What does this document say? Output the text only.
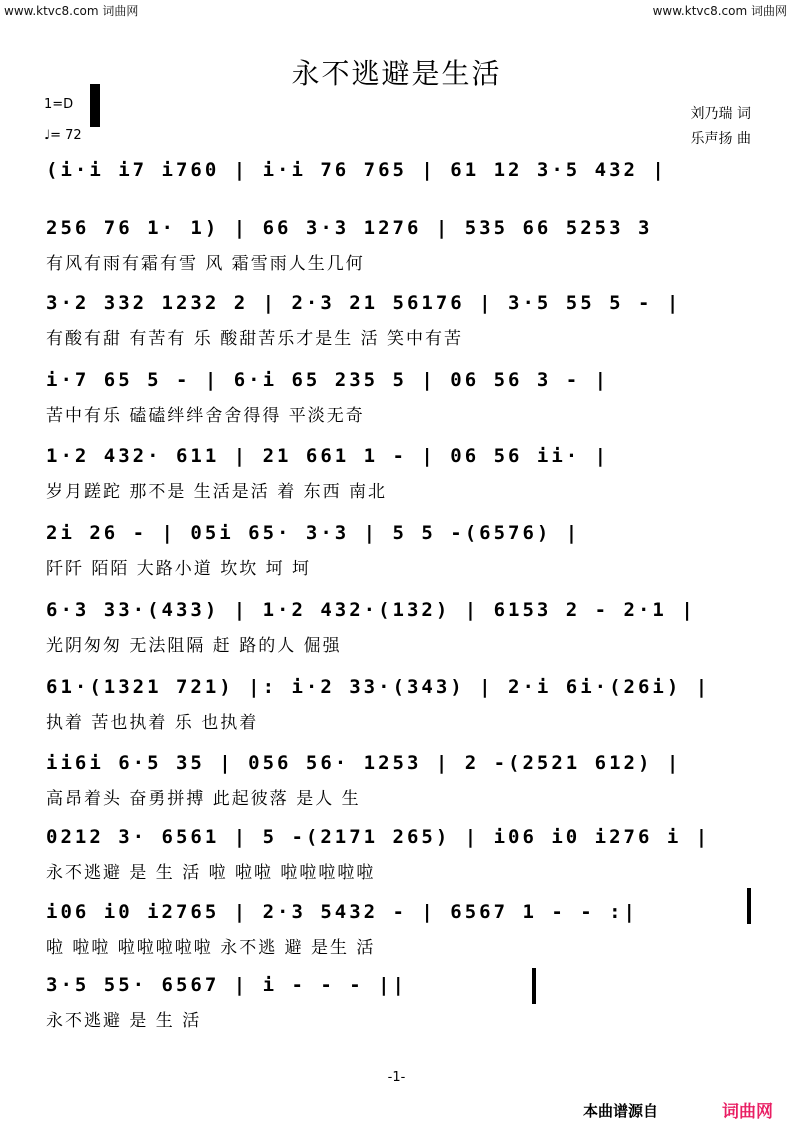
www.ktvc8.com 词曲网	www.ktvc8.com 词曲网
永不逃避是生活
1=D
♩= 72
刘乃瑞 词
乐声扬 曲
(i·i i7 i760 | i·i 76 765 | 61 12 3·5 432 |
256 76 1· 1) | 66 3·3 1276 | 535 66 5253 3
有风有雨有霜有雪 风 霜雪雨人生几何
3·2 332 1232 2 | 2·3 21 56176 | 3·5 55 5 - |
有酸有甜 有苦有 乐 酸甜苦乐才是生 活 笑中有苦
i·7 65 5 - | 6·i 65 235 5 | 06 56 3 - |
苦中有乐 磕磕绊绊舍舍得得 平淡无奇
1·2 432· 611 | 21 661 1 - | 06 56 ii· |
岁月蹉跎 那不是 生活是活 着 东西 南北
2i 26 - | 05i 65· 3·3 | 5 5 -(6576) |
阡阡 陌陌 大路小道 坎坎 坷 坷
6·3 33·(433) | 1·2 432·(132) | 6153 2 - 2·1 |
光阴匆匆 无法阻隔 赶 路的人 倔强
61·(1321 721) |: i·2 33·(343) | 2·i 6i·(26i) |
执着 苦也执着 乐 也执着
ii6i 6·5 35 | 056 56· 1253 | 2 -(2521 612) |
高昂着头 奋勇拼搏 此起彼落 是人 生
0212 3· 6561 | 5 -(2171 265) | i06 i0 i276 i |
永不逃避 是 生 活 啦 啦啦 啦啦啦啦啦
i06 i0 i2765 | 2·3 5432 - | 6567 1 - - :|
啦 啦啦 啦啦啦啦啦 永不逃 避 是生 活
3·5 55· 6567 | i - - - ||
永不逃避 是 生 活
-1-
本曲谱源自	词曲网
